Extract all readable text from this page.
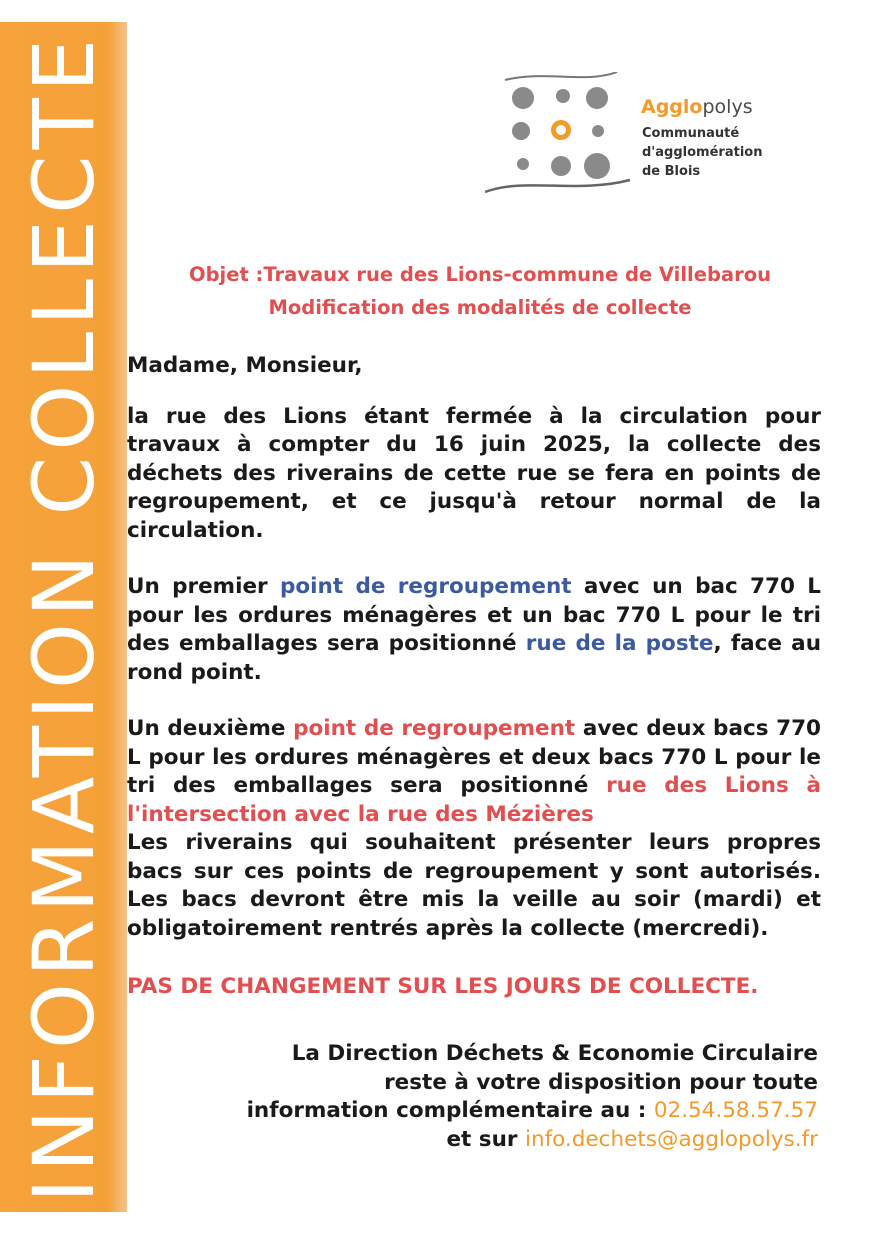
INFORMATION COLLECTE	Agglopolys
Communauté
d'agglomération
de Blois
Objet :Travaux rue des Lions-commune de Villebarou
Modification des modalités de collecte

Madame, Monsieur,

la rue des Lions étant fermée à la circulation pour travaux à compter du 16 juin 2025, la collecte des déchets des riverains de cette rue se fera en points de regroupement, et ce jusqu'à retour normal de la circulation.

Un premier point de regroupement avec un bac 770 L pour les ordures ménagères et un bac 770 L pour le tri des emballages sera positionné rue de la poste, face au rond point.

Un deuxième point de regroupement avec deux bacs 770 L pour les ordures ménagères et deux bacs 770 L pour le tri des emballages sera positionné rue des Lions à l'intersection avec la rue des Mézières

Les riverains qui souhaitent présenter leurs propres bacs sur ces points de regroupement y sont autorisés. Les bacs devront être mis la veille au soir (mardi) et obligatoirement rentrés après la collecte (mercredi).

PAS DE CHANGEMENT SUR LES JOURS DE COLLECTE.

La Direction Déchets & Economie Circulaire
reste à votre disposition pour toute
information complémentaire au : 02.54.58.57.57
et sur info.dechets@agglopolys.fr
